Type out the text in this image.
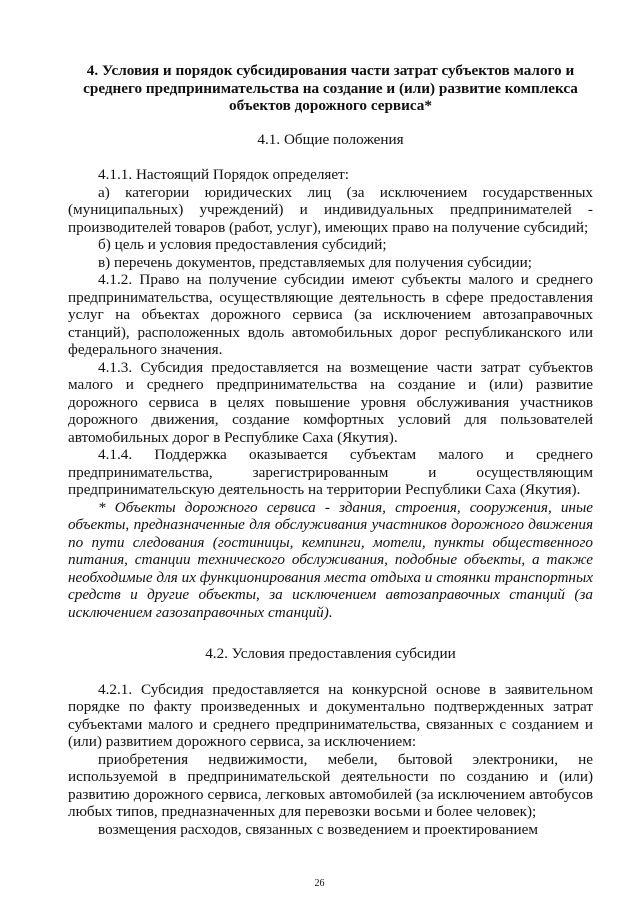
4. Условия и порядок субсидирования части затрат субъектов малого и среднего предпринимательства на создание и (или) развитие комплекса объектов дорожного сервиса*

4.1. Общие положения

4.1.1. Настоящий Порядок определяет:

а) категории юридических лиц (за исключением государственных (муниципальных) учреждений) и индивидуальных предпринимателей - производителей товаров (работ, услуг), имеющих право на получение субсидий;

б) цель и условия предоставления субсидий;

в) перечень документов, представляемых для получения субсидии;

4.1.2. Право на получение субсидии имеют субъекты малого и среднего предпринимательства, осуществляющие деятельность в сфере предоставления услуг на объектах дорожного сервиса (за исключением автозаправочных станций), расположенных вдоль автомобильных дорог республиканского или федерального значения.

4.1.3. Субсидия предоставляется на возмещение части затрат субъектов малого и среднего предпринимательства на создание и (или) развитие дорожного сервиса в целях повышение уровня обслуживания участников дорожного движения, создание комфортных условий для пользователей автомобильных дорог в Республике Саха (Якутия).

4.1.4. Поддержка оказывается субъектам малого и среднего предпринимательства, зарегистрированным и осуществляющим предпринимательскую деятельность на территории Республики Саха (Якутия).

* Объекты дорожного сервиса - здания, строения, сооружения, иные объекты, предназначенные для обслуживания участников дорожного движения по пути следования (гостиницы, кемпинги, мотели, пункты общественного питания, станции технического обслуживания, подобные объекты, а также необходимые для их функционирования места отдыха и стоянки транспортных средств и другие объекты, за исключением автозаправочных станций (за исключением газозаправочных станций).

4.2. Условия предоставления субсидии

4.2.1. Субсидия предоставляется на конкурсной основе в заявительном порядке по факту произведенных и документально подтвержденных затрат субъектами малого и среднего предпринимательства, связанных с созданием и (или) развитием дорожного сервиса, за исключением:

приобретения недвижимости, мебели, бытовой электроники, не используемой в предпринимательской деятельности по созданию и (или) развитию дорожного сервиса, легковых автомобилей (за исключением автобусов любых типов, предназначенных для перевозки восьми и более человек);

возмещения расходов, связанных с возведением и проектированием

26
